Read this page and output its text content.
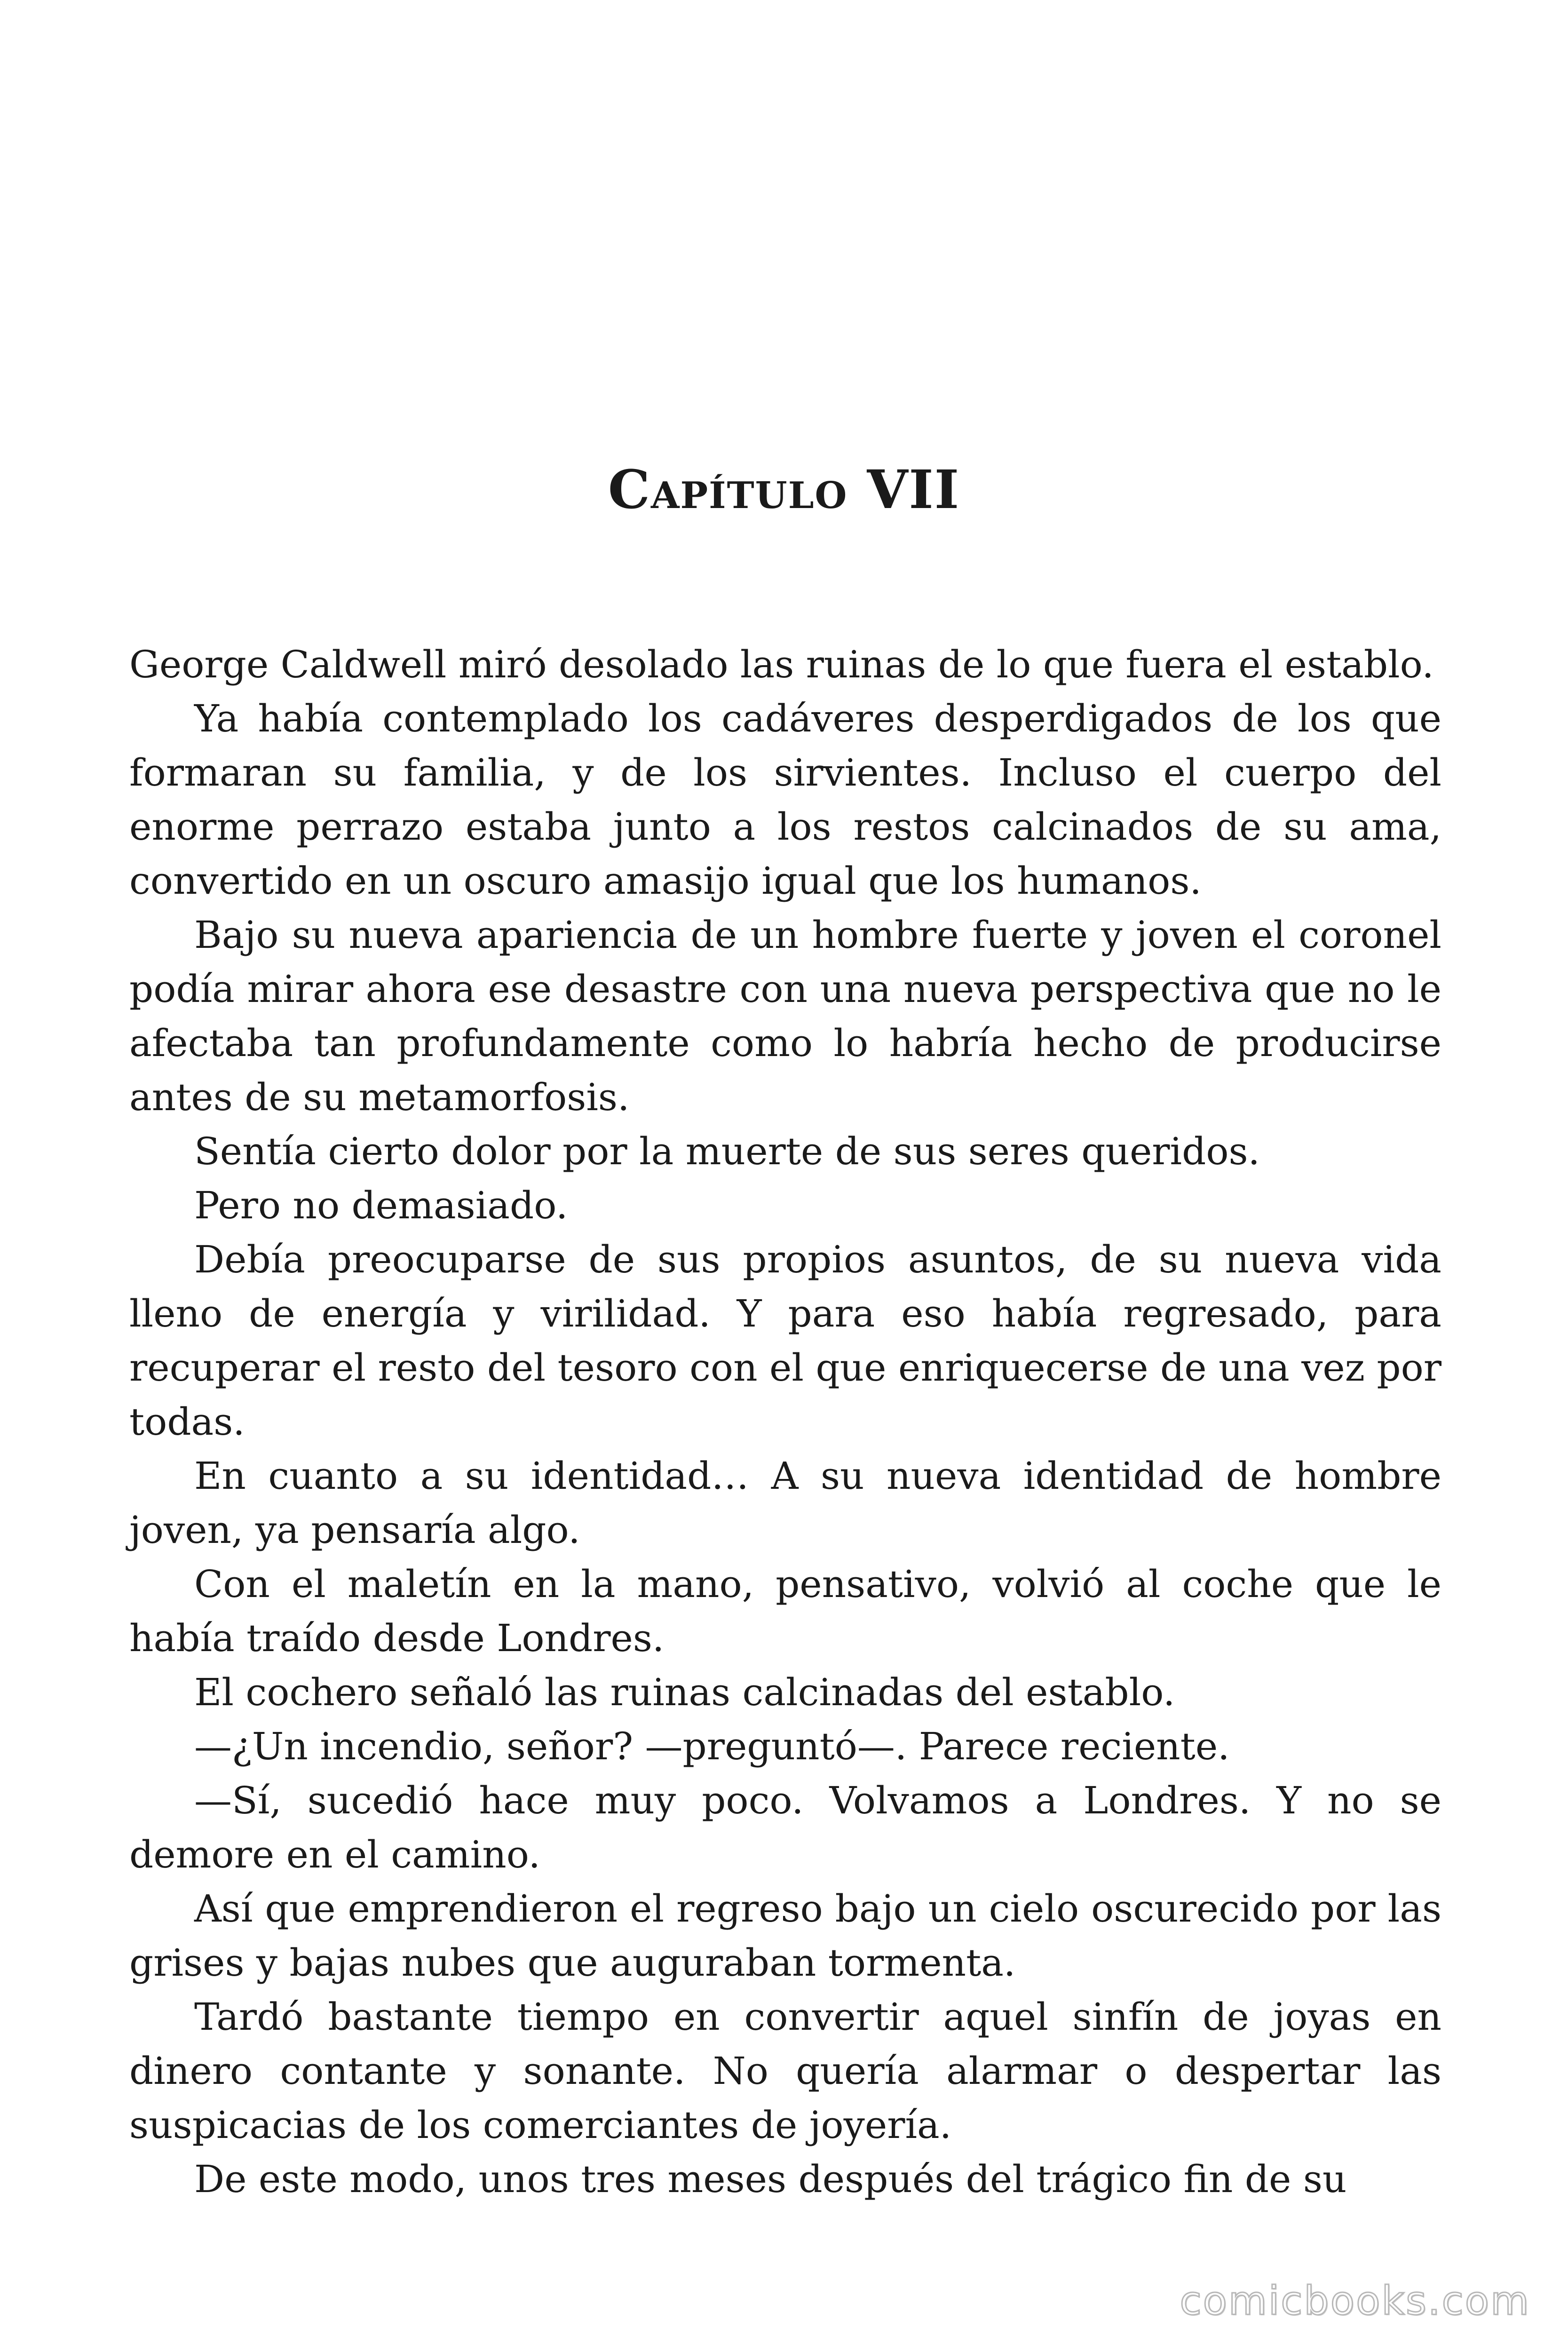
Capítulo VII

George Caldwell miró desolado las ruinas de lo que fuera el establo.

Ya había contemplado los cadáveres desperdigados de los que formaran su familia, y de los sirvientes. Incluso el cuerpo del enorme perrazo estaba junto a los restos calcinados de su ama, convertido en un oscuro amasijo igual que los humanos.

Bajo su nueva apariencia de un hombre fuerte y joven el coronel podía mirar ahora ese desastre con una nueva perspectiva que no le afectaba tan profundamente como lo habría hecho de producirse antes de su metamorfosis.

Sentía cierto dolor por la muerte de sus seres queridos.

Pero no demasiado.

Debía preocuparse de sus propios asuntos, de su nueva vida lleno de energía y virilidad. Y para eso había regresado, para recuperar el resto del tesoro con el que enriquecerse de una vez por todas.

En cuanto a su identidad… A su nueva identidad de hombre joven, ya pensaría algo.

Con el maletín en la mano, pensativo, volvió al coche que le había traído desde Londres.

El cochero señaló las ruinas calcinadas del establo.

—¿Un incendio, señor? —preguntó—. Parece reciente.

—Sí, sucedió hace muy poco. Volvamos a Londres. Y no se demore en el camino.

Así que emprendieron el regreso bajo un cielo oscurecido por las grises y bajas nubes que auguraban tormenta.

Tardó bastante tiempo en convertir aquel sinfín de joyas en dinero contante y sonante. No quería alarmar o despertar las suspicacias de los comerciantes de joyería.

De este modo, unos tres meses después del trágico fin de su

comicbooks.com
